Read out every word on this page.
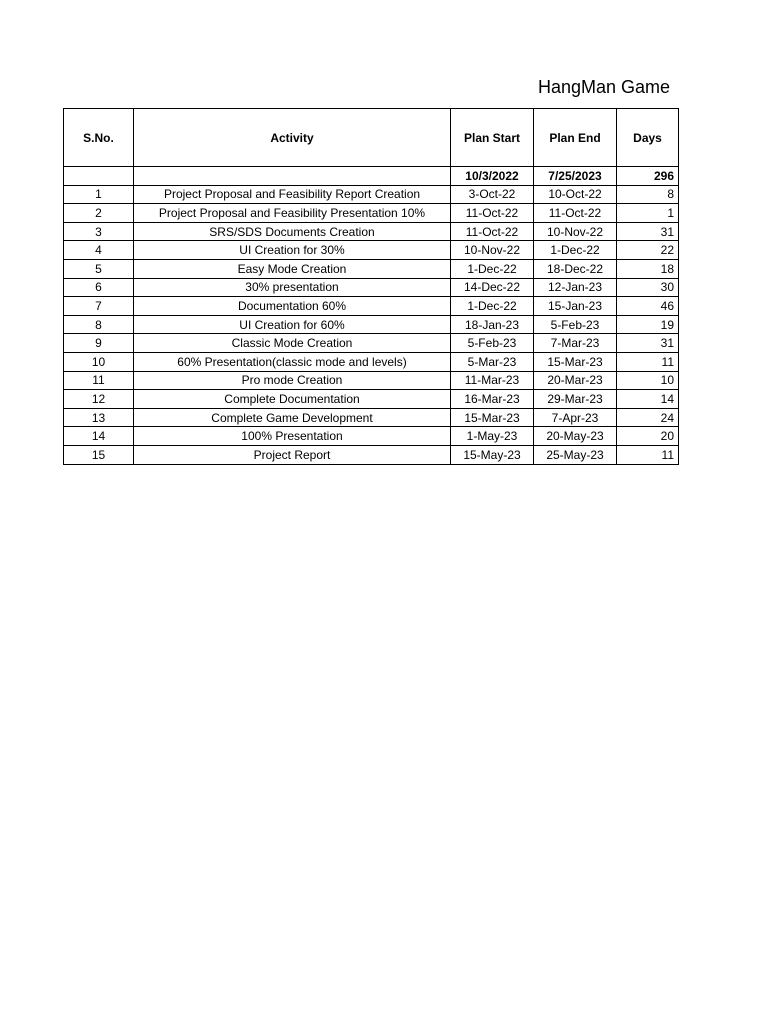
HangMan Game
S.No.	Activity	Plan Start	Plan End	Days
		10/3/2022	7/25/2023	296
1	Project Proposal and Feasibility Report Creation	3-Oct-22	10-Oct-22	8
2	Project Proposal and Feasibility Presentation 10%	11-Oct-22	11-Oct-22	1
3	SRS/SDS Documents Creation	11-Oct-22	10-Nov-22	31
4	UI Creation for 30%	10-Nov-22	1-Dec-22	22
5	Easy Mode Creation	1-Dec-22	18-Dec-22	18
6	30% presentation	14-Dec-22	12-Jan-23	30
7	Documentation 60%	1-Dec-22	15-Jan-23	46
8	UI Creation for 60%	18-Jan-23	5-Feb-23	19
9	Classic Mode Creation	5-Feb-23	7-Mar-23	31
10	60% Presentation(classic mode and levels)	5-Mar-23	15-Mar-23	11
11	Pro mode Creation	11-Mar-23	20-Mar-23	10
12	Complete Documentation	16-Mar-23	29-Mar-23	14
13	Complete Game Development	15-Mar-23	7-Apr-23	24
14	100% Presentation	1-May-23	20-May-23	20
15	Project Report	15-May-23	25-May-23	11
